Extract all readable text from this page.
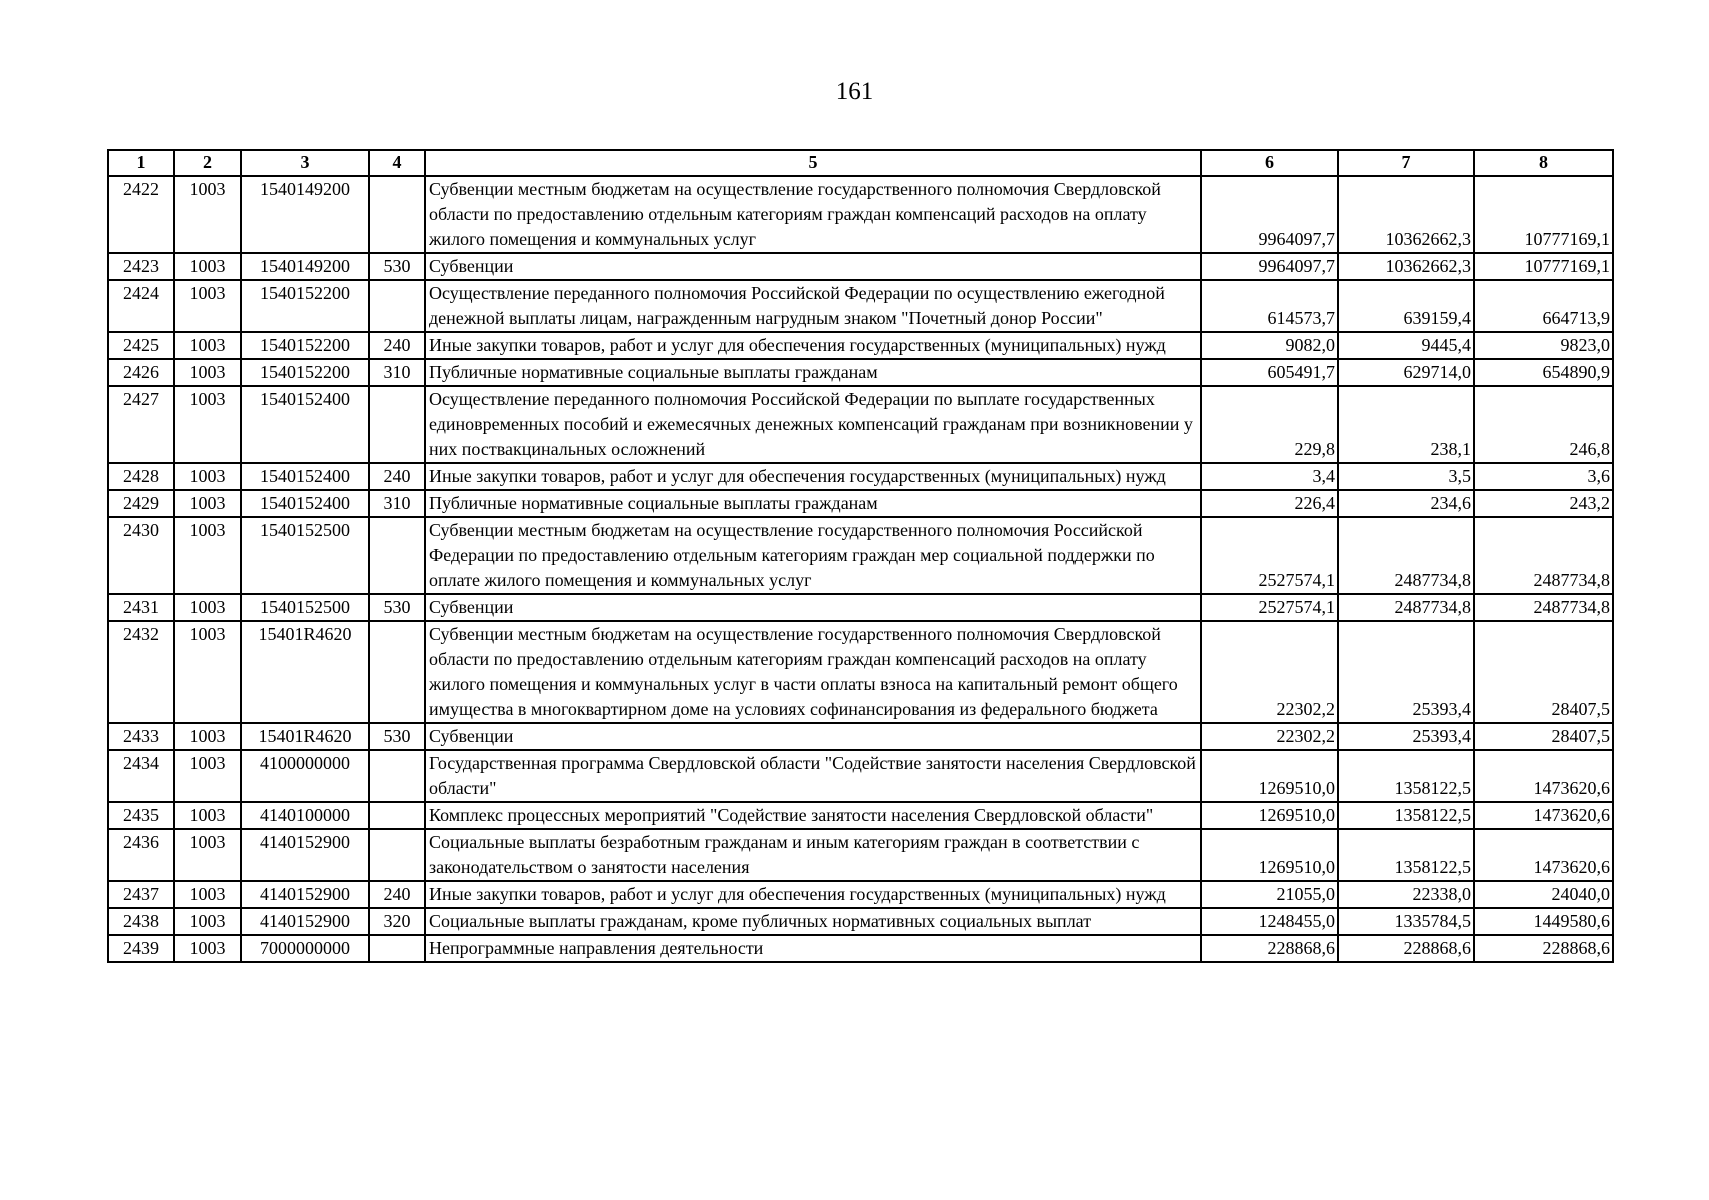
161
1	2	3	4	5	6	7	8
2422	1003	1540149200		Субвенции местным бюджетам на осуществление государственного полномочия Свердловской области по предоставлению отдельным категориям граждан компенсаций расходов на оплату жилого помещения и коммунальных услуг	9964097,7	10362662,3	10777169,1
2423	1003	1540149200	530	Субвенции	9964097,7	10362662,3	10777169,1
2424	1003	1540152200		Осуществление переданного полномочия Российской Федерации по осуществлению ежегодной денежной выплаты лицам, награжденным нагрудным знаком "Почетный донор России"	614573,7	639159,4	664713,9
2425	1003	1540152200	240	Иные закупки товаров, работ и услуг для обеспечения государственных (муниципальных) нужд	9082,0	9445,4	9823,0
2426	1003	1540152200	310	Публичные нормативные социальные выплаты гражданам	605491,7	629714,0	654890,9
2427	1003	1540152400		Осуществление переданного полномочия Российской Федерации по выплате государственных единовременных пособий и ежемесячных денежных компенсаций гражданам при возникновении у них поствакцинальных осложнений	229,8	238,1	246,8
2428	1003	1540152400	240	Иные закупки товаров, работ и услуг для обеспечения государственных (муниципальных) нужд	3,4	3,5	3,6
2429	1003	1540152400	310	Публичные нормативные социальные выплаты гражданам	226,4	234,6	243,2
2430	1003	1540152500		Субвенции местным бюджетам на осуществление государственного полномочия Российской Федерации по предоставлению отдельным категориям граждан мер социальной поддержки по оплате жилого помещения и коммунальных услуг	2527574,1	2487734,8	2487734,8
2431	1003	1540152500	530	Субвенции	2527574,1	2487734,8	2487734,8
2432	1003	15401R4620		Субвенции местным бюджетам на осуществление государственного полномочия Свердловской области по предоставлению отдельным категориям граждан компенсаций расходов на оплату жилого помещения и коммунальных услуг в части оплаты взноса на капитальный ремонт общего имущества в многоквартирном доме на условиях софинансирования из федерального бюджета	22302,2	25393,4	28407,5
2433	1003	15401R4620	530	Субвенции	22302,2	25393,4	28407,5
2434	1003	4100000000		Государственная программа Свердловской области "Содействие занятости населения Свердловской области"	1269510,0	1358122,5	1473620,6
2435	1003	4140100000		Комплекс процессных мероприятий "Содействие занятости населения Свердловской области"	1269510,0	1358122,5	1473620,6
2436	1003	4140152900		Социальные выплаты безработным гражданам и иным категориям граждан в соответствии с законодательством о занятости населения	1269510,0	1358122,5	1473620,6
2437	1003	4140152900	240	Иные закупки товаров, работ и услуг для обеспечения государственных (муниципальных) нужд	21055,0	22338,0	24040,0
2438	1003	4140152900	320	Социальные выплаты гражданам, кроме публичных нормативных социальных выплат	1248455,0	1335784,5	1449580,6
2439	1003	7000000000		Непрограммные направления деятельности	228868,6	228868,6	228868,6
